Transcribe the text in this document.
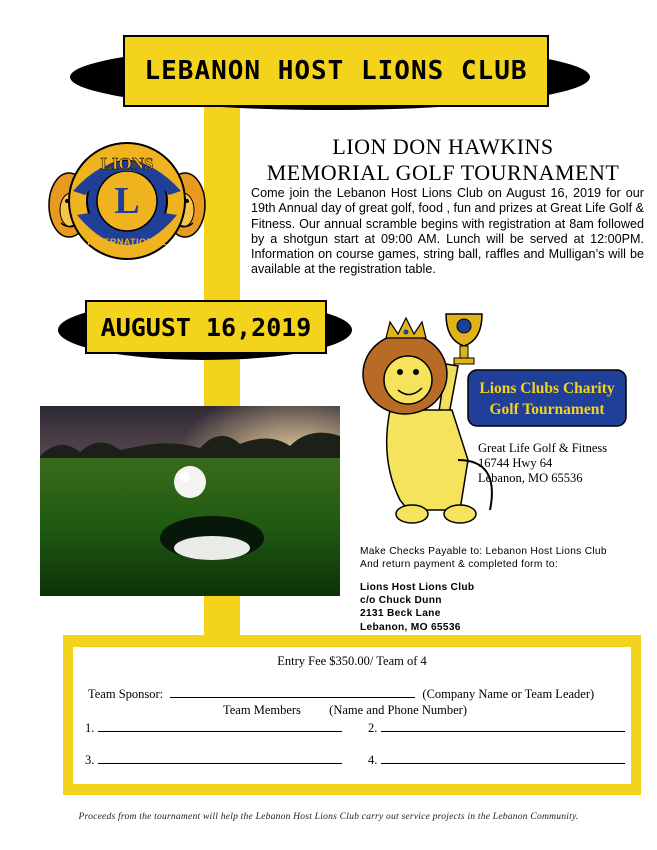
LEBANON HOST LIONS CLUB
LIONS
L
INTERNATIONAL
LION DON HAWKINS
MEMORIAL GOLF TOURNAMENT
Come join the Lebanon Host Lions Club on August 16, 2019 for our 19th Annual day of great golf, food , fun and prizes at Great Life Golf & Fitness. Our annual scramble begins with registration at 8am followed by a shotgun start at 09:00 AM. Lunch will be served at 12:00PM. Information on course games, string ball, raffles and Mulligan’s will be available at the registration table.
AUGUST 16,2019
Lions Clubs Charity
Golf Tournament
Great Life Golf & Fitness
16744 Hwy 64
Lebanon, MO 65536
Make Checks Payable to: Lebanon Host Lions Club
And return payment & completed form to:
Lions Host Lions Club
c/o Chuck Dunn
2131 Beck Lane
Lebanon, MO 65536
Entry Fee $350.00/ Team of 4
Team Sponsor:	(Company Name or Team Leader)
Team Members (Name and Phone Number)
1.	2.
3.	4.
Proceeds from the tournament will help the Lebanon Host Lions Club carry out service projects in the Lebanon Community.
